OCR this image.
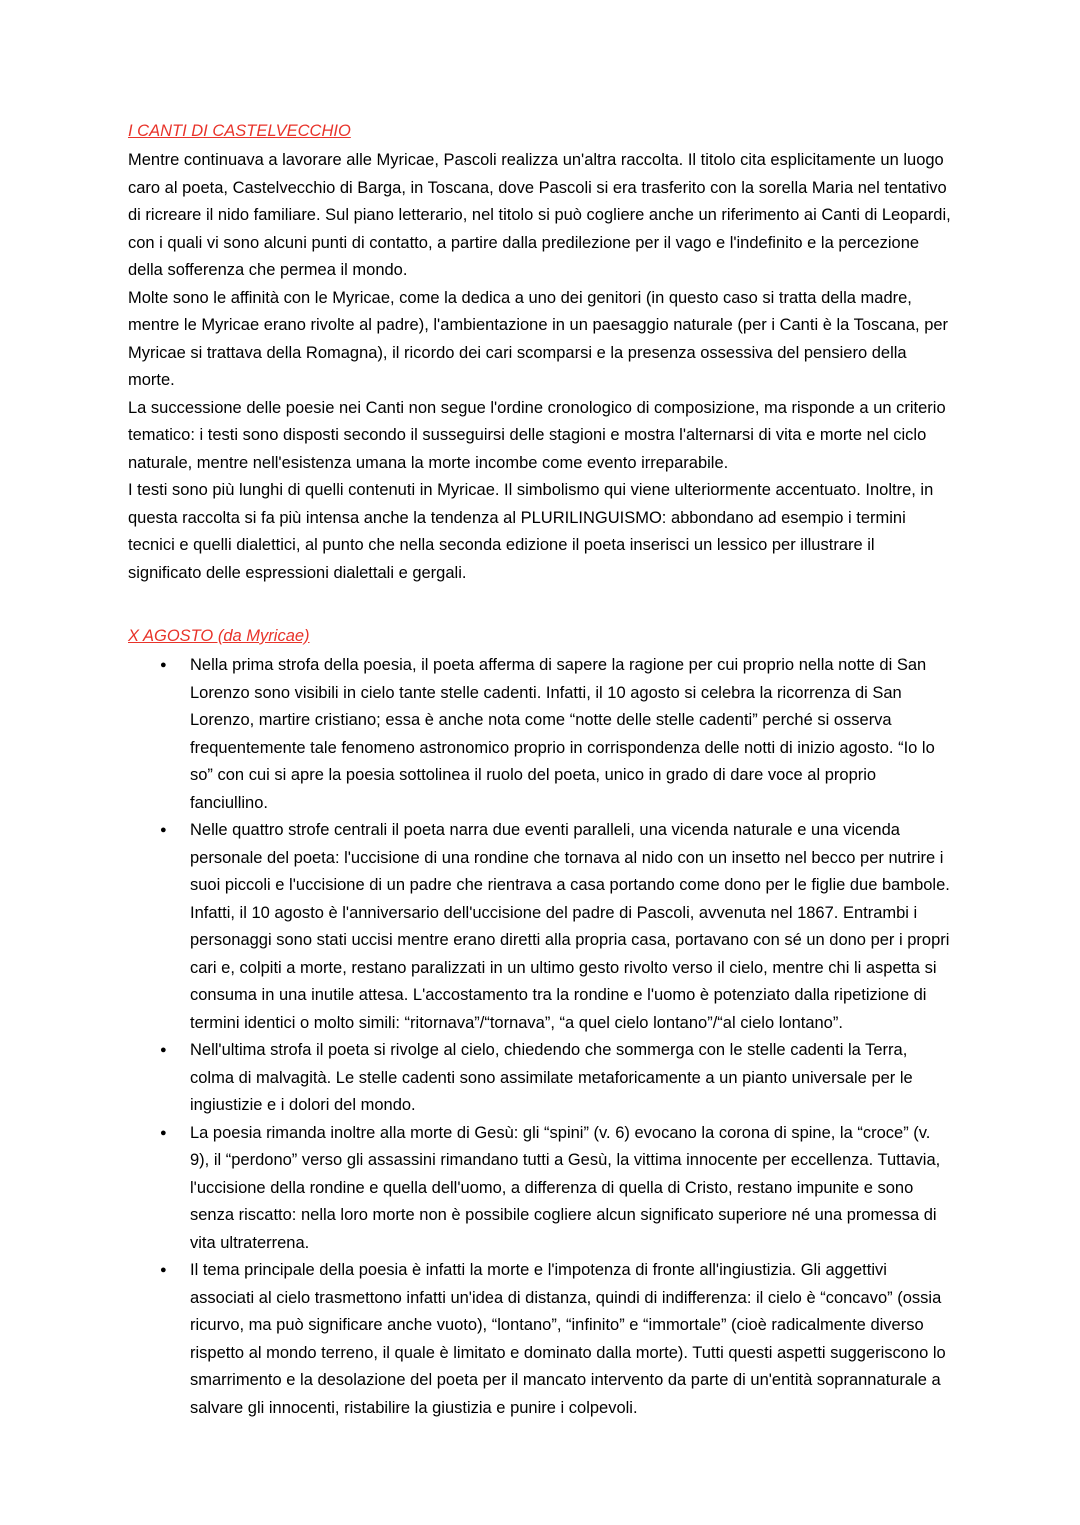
I CANTI DI CASTELVECCHIO

Mentre continuava a lavorare alle Myricae, Pascoli realizza un'altra raccolta. Il titolo cita esplicitamente un luogo caro al poeta, Castelvecchio di Barga, in Toscana, dove Pascoli si era trasferito con la sorella Maria nel tentativo di ricreare il nido familiare. Sul piano letterario, nel titolo si può cogliere anche un riferimento ai Canti di Leopardi, con i quali vi sono alcuni punti di contatto, a partire dalla predilezione per il vago e l'indefinito e la percezione della sofferenza che permea il mondo.

Molte sono le affinità con le Myricae, come la dedica a uno dei genitori (in questo caso si tratta della madre, mentre le Myricae erano rivolte al padre), l'ambientazione in un paesaggio naturale (per i Canti è la Toscana, per Myricae si trattava della Romagna), il ricordo dei cari scomparsi e la presenza ossessiva del pensiero della morte.

La successione delle poesie nei Canti non segue l'ordine cronologico di composizione, ma risponde a un criterio tematico: i testi sono disposti secondo il susseguirsi delle stagioni e mostra l'alternarsi di vita e morte nel ciclo naturale, mentre nell'esistenza umana la morte incombe come evento irreparabile.

I testi sono più lunghi di quelli contenuti in Myricae. Il simbolismo qui viene ulteriormente accentuato. Inoltre, in questa raccolta si fa più intensa anche la tendenza al PLURILINGUISMO: abbondano ad esempio i termini tecnici e quelli dialettici, al punto che nella seconda edizione il poeta inserisci un lessico per illustrare il significato delle espressioni dialettali e gergali.

X AGOSTO (da Myricae)
● Nella prima strofa della poesia, il poeta afferma di sapere la ragione per cui proprio nella notte di San Lorenzo sono visibili in cielo tante stelle cadenti. Infatti, il 10 agosto si celebra la ricorrenza di San Lorenzo, martire cristiano; essa è anche nota come “notte delle stelle cadenti” perché si osserva frequentemente tale fenomeno astronomico proprio in corrispondenza delle notti di inizio agosto. “Io lo so” con cui si apre la poesia sottolinea il ruolo del poeta, unico in grado di dare voce al proprio fanciullino.
● Nelle quattro strofe centrali il poeta narra due eventi paralleli, una vicenda naturale e una vicenda personale del poeta: l'uccisione di una rondine che tornava al nido con un insetto nel becco per nutrire i suoi piccoli e l'uccisione di un padre che rientrava a casa portando come dono per le figlie due bambole. Infatti, il 10 agosto è l'anniversario dell'uccisione del padre di Pascoli, avvenuta nel 1867. Entrambi i personaggi sono stati uccisi mentre erano diretti alla propria casa, portavano con sé un dono per i propri cari e, colpiti a morte, restano paralizzati in un ultimo gesto rivolto verso il cielo, mentre chi li aspetta si consuma in una inutile attesa. L'accostamento tra la rondine e l'uomo è potenziato dalla ripetizione di termini identici o molto simili: “ritornava”/“tornava”, “a quel cielo lontano”/“al cielo lontano”.
● Nell'ultima strofa il poeta si rivolge al cielo, chiedendo che sommerga con le stelle cadenti la Terra, colma di malvagità. Le stelle cadenti sono assimilate metaforicamente a un pianto universale per le ingiustizie e i dolori del mondo.
● La poesia rimanda inoltre alla morte di Gesù: gli “spini” (v. 6) evocano la corona di spine, la “croce” (v. 9), il “perdono” verso gli assassini rimandano tutti a Gesù, la vittima innocente per eccellenza. Tuttavia, l'uccisione della rondine e quella dell'uomo, a differenza di quella di Cristo, restano impunite e sono senza riscatto: nella loro morte non è possibile cogliere alcun significato superiore né una promessa di vita ultraterrena.
● Il tema principale della poesia è infatti la morte e l'impotenza di fronte all'ingiustizia. Gli aggettivi associati al cielo trasmettono infatti un'idea di distanza, quindi di indifferenza: il cielo è “concavo” (ossia ricurvo, ma può significare anche vuoto), “lontano”, “infinito” e “immortale” (cioè radicalmente diverso rispetto al mondo terreno, il quale è limitato e dominato dalla morte). Tutti questi aspetti suggeriscono lo smarrimento e la desolazione del poeta per il mancato intervento da parte di un'entità soprannaturale a salvare gli innocenti, ristabilire la giustizia e punire i colpevoli.
